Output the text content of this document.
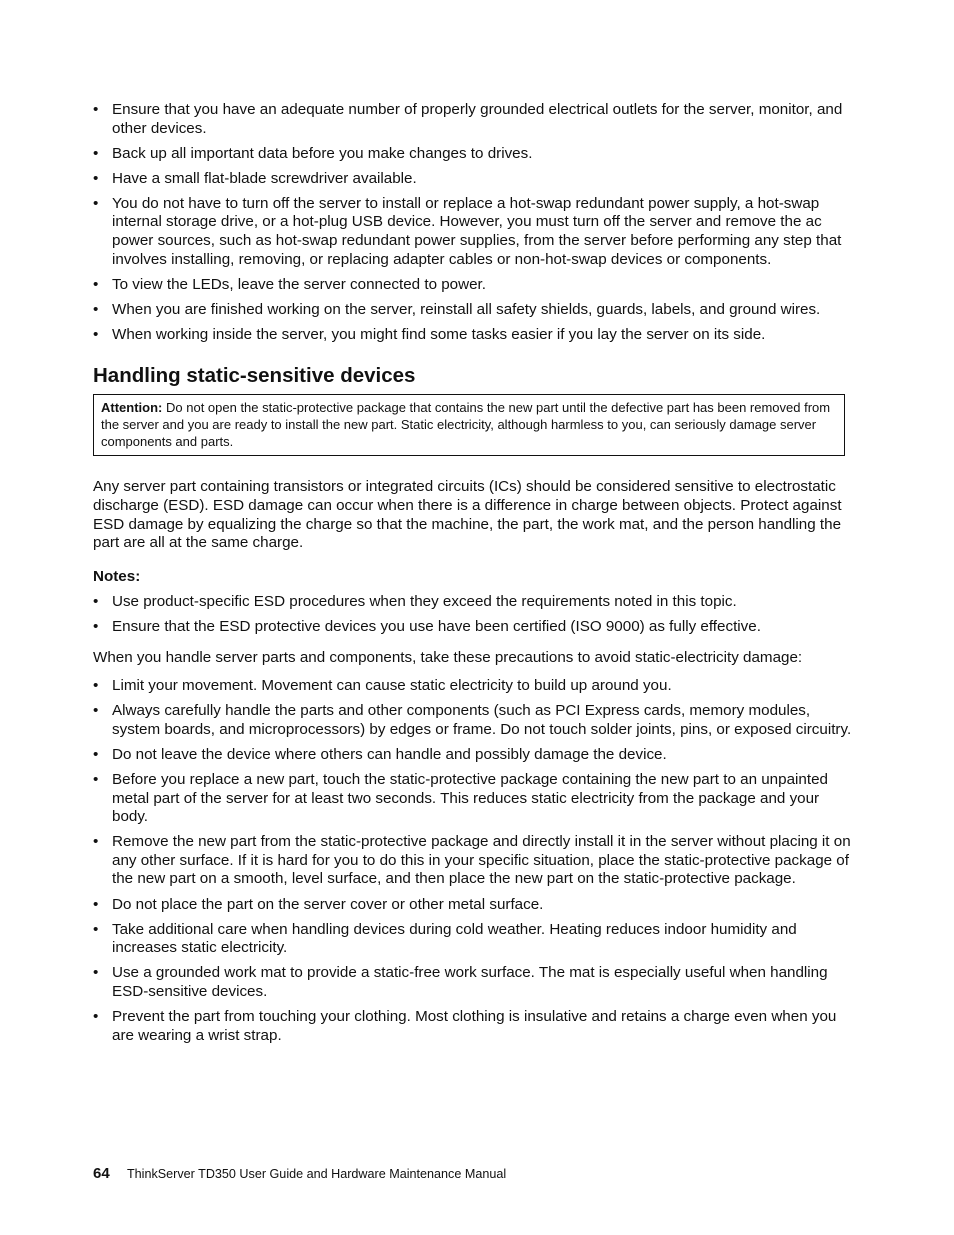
• Ensure that you have an adequate number of properly grounded electrical outlets for the server, monitor, and other devices.
• Back up all important data before you make changes to drives.
• Have a small flat-blade screwdriver available.
• You do not have to turn off the server to install or replace a hot-swap redundant power supply, a hot-swap internal storage drive, or a hot-plug USB device. However, you must turn off the server and remove the ac power sources, such as hot-swap redundant power supplies, from the server before performing any step that involves installing, removing, or replacing adapter cables or non-hot-swap devices or components.
• To view the LEDs, leave the server connected to power.
• When you are finished working on the server, reinstall all safety shields, guards, labels, and ground wires.
• When working inside the server, you might find some tasks easier if you lay the server on its side.
Handling static-sensitive devices
Attention: Do not open the static-protective package that contains the new part until the defective part has been removed from the server and you are ready to install the new part. Static electricity, although harmless to you, can seriously damage server components and parts.

Any server part containing transistors or integrated circuits (ICs) should be considered sensitive to electrostatic discharge (ESD). ESD damage can occur when there is a difference in charge between objects. Protect against ESD damage by equalizing the charge so that the machine, the part, the work mat, and the person handling the part are all at the same charge.

Notes:

• Use product-specific ESD procedures when they exceed the requirements noted in this topic.
• Ensure that the ESD protective devices you use have been certified (ISO 9000) as fully effective.

When you handle server parts and components, take these precautions to avoid static-electricity damage:

• Limit your movement. Movement can cause static electricity to build up around you.
• Always carefully handle the parts and other components (such as PCI Express cards, memory modules, system boards, and microprocessors) by edges or frame. Do not touch solder joints, pins, or exposed circuitry.
• Do not leave the device where others can handle and possibly damage the device.
• Before you replace a new part, touch the static-protective package containing the new part to an unpainted metal part of the server for at least two seconds. This reduces static electricity from the package and your body.
• Remove the new part from the static-protective package and directly install it in the server without placing it on any other surface. If it is hard for you to do this in your specific situation, place the static-protective package of the new part on a smooth, level surface, and then place the new part on the static-protective package.
• Do not place the part on the server cover or other metal surface.
• Take additional care when handling devices during cold weather. Heating reduces indoor humidity and increases static electricity.
• Use a grounded work mat to provide a static-free work surface. The mat is especially useful when handling ESD-sensitive devices.
• Prevent the part from touching your clothing. Most clothing is insulative and retains a charge even when you are wearing a wrist strap.
64 ThinkServer TD350 User Guide and Hardware Maintenance Manual
